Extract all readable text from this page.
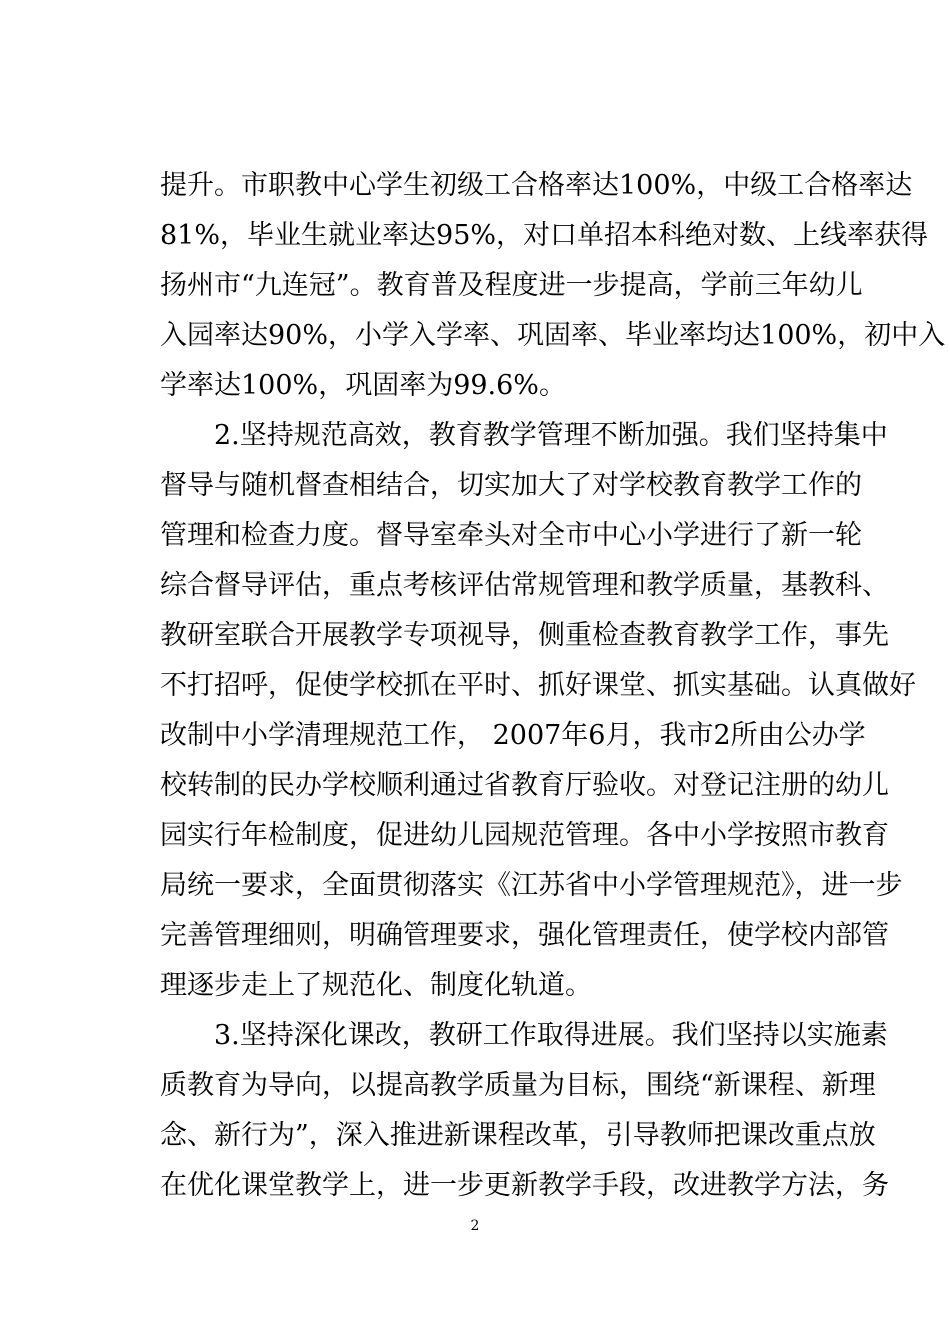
提升。市职教中心学生初级工合格率达100%，中级工合格率达
81%，毕业生就业率达95%，对口单招本科绝对数、上线率获得
扬州市“九连冠”。教育普及程度进一步提高，学前三年幼儿
入园率达90%，小学入学率、巩固率、毕业率均达100%，初中入
学率达100%，巩固率为99.6%。
2.坚持规范高效，教育教学管理不断加强。我们坚持集中
督导与随机督查相结合，切实加大了对学校教育教学工作的
管理和检查力度。督导室牵头对全市中心小学进行了新一轮
综合督导评估，重点考核评估常规管理和教学质量，基教科、
教研室联合开展教学专项视导，侧重检查教育教学工作，事先
不打招呼，促使学校抓在平时、抓好课堂、抓实基础。认真做好
改制中小学清理规范工作， 2007年6月，我市2所由公办学
校转制的民办学校顺利通过省教育厅验收。对登记注册的幼儿
园实行年检制度，促进幼儿园规范管理。各中小学按照市教育
局统一要求，全面贯彻落实《江苏省中小学管理规范》，进一步
完善管理细则，明确管理要求，强化管理责任，使学校内部管
理逐步走上了规范化、制度化轨道。
3.坚持深化课改，教研工作取得进展。我们坚持以实施素
质教育为导向，以提高教学质量为目标，围绕“新课程、新理
念、新行为”，深入推进新课程改革，引导教师把课改重点放
在优化课堂教学上，进一步更新教学手段，改进教学方法，务
2
